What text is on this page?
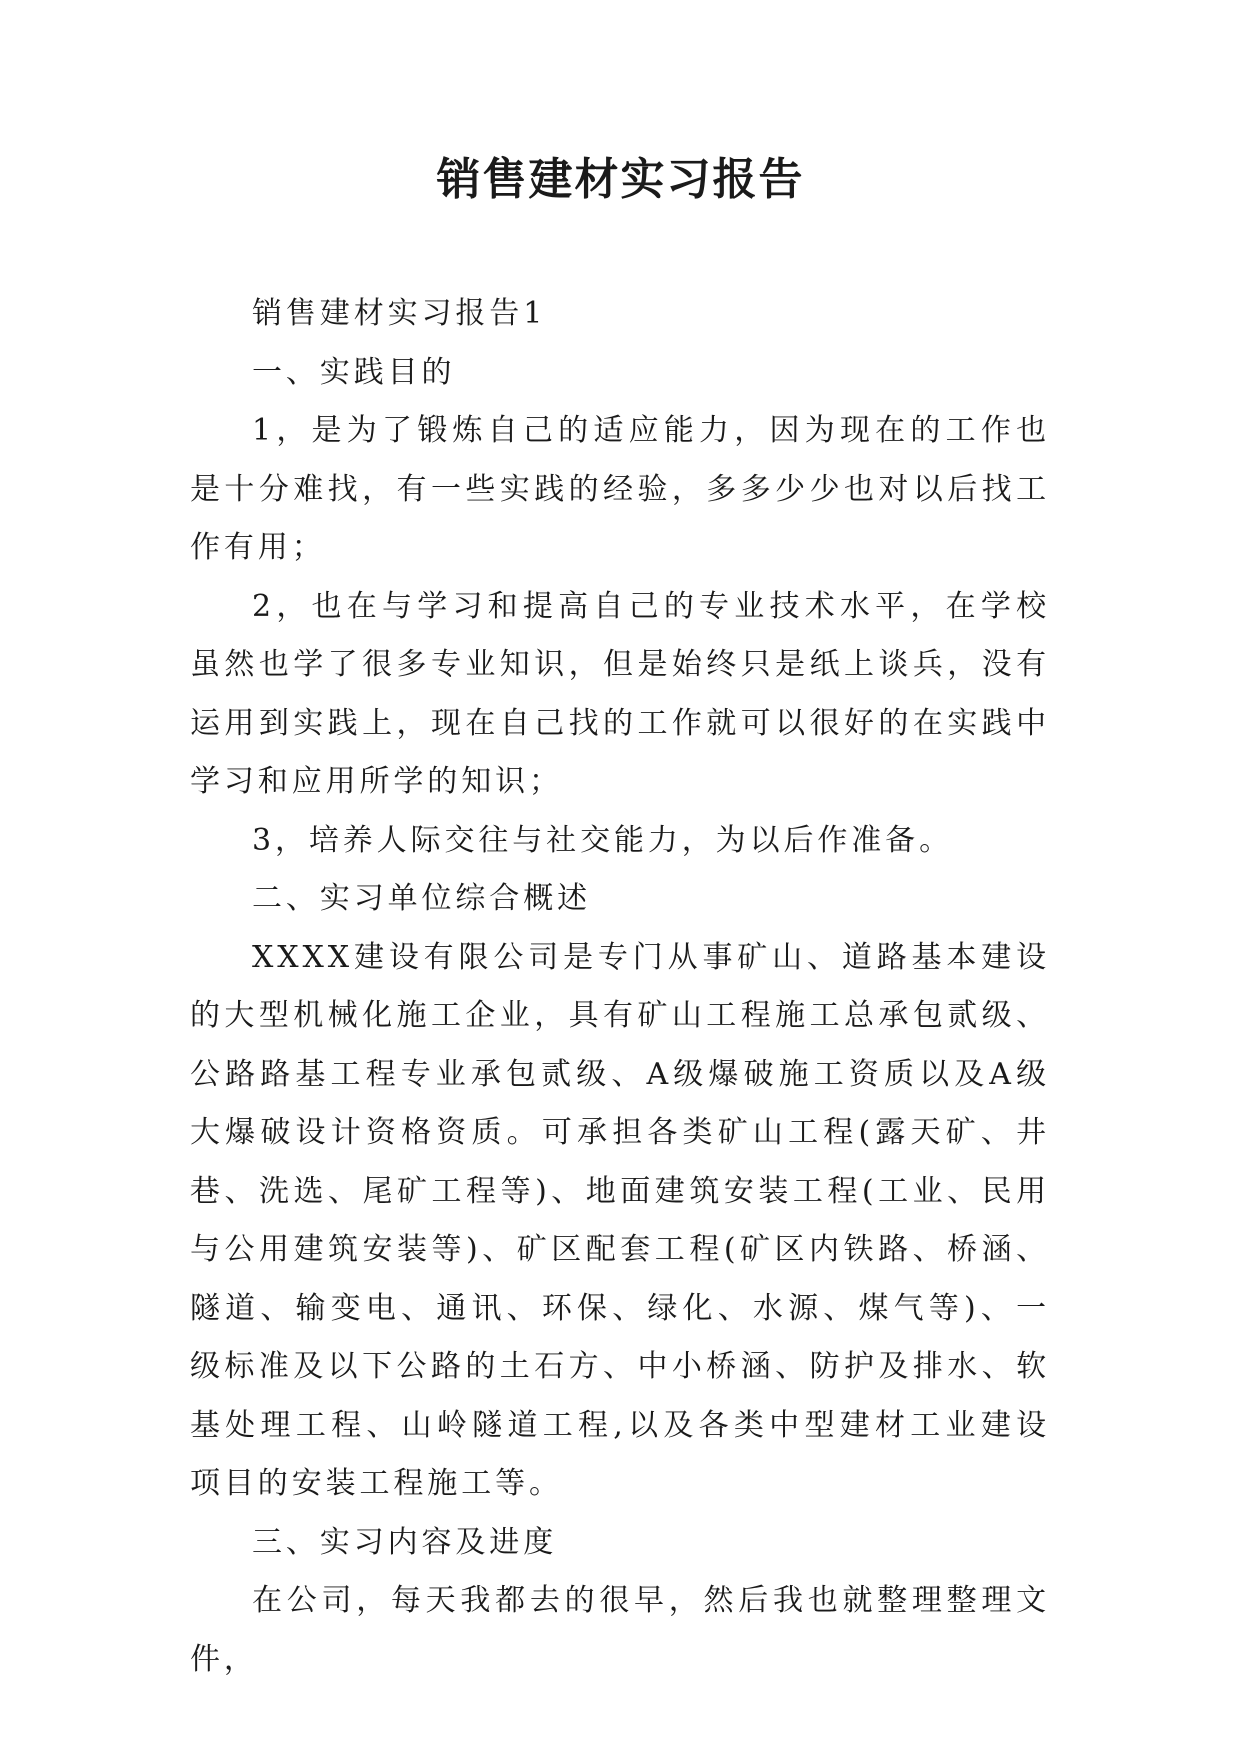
销售建材实习报告

销售建材实习报告1

一、实践目的

1，是为了锻炼自己的适应能力，因为现在的工作也是十分难找，有一些实践的经验，多多少少也对以后找工作有用；

2，也在与学习和提高自己的专业技术水平，在学校虽然也学了很多专业知识，但是始终只是纸上谈兵，没有运用到实践上，现在自己找的工作就可以很好的在实践中学习和应用所学的知识；

3，培养人际交往与社交能力，为以后作准备。

二、实习单位综合概述

XXXX建设有限公司是专门从事矿山、道路基本建设的大型机械化施工企业，具有矿山工程施工总承包贰级、公路路基工程专业承包贰级、A级爆破施工资质以及A级大爆破设计资格资质。可承担各类矿山工程(露天矿、井巷、洗选、尾矿工程等)、地面建筑安装工程(工业、民用与公用建筑安装等)、矿区配套工程(矿区内铁路、桥涵、隧道、输变电、通讯、环保、绿化、水源、煤气等)、一级标准及以下公路的土石方、中小桥涵、防护及排水、软基处理工程、山岭隧道工程,以及各类中型建材工业建设项目的安装工程施工等。

三、实习内容及进度

在公司，每天我都去的很早，然后我也就整理整理文件，
